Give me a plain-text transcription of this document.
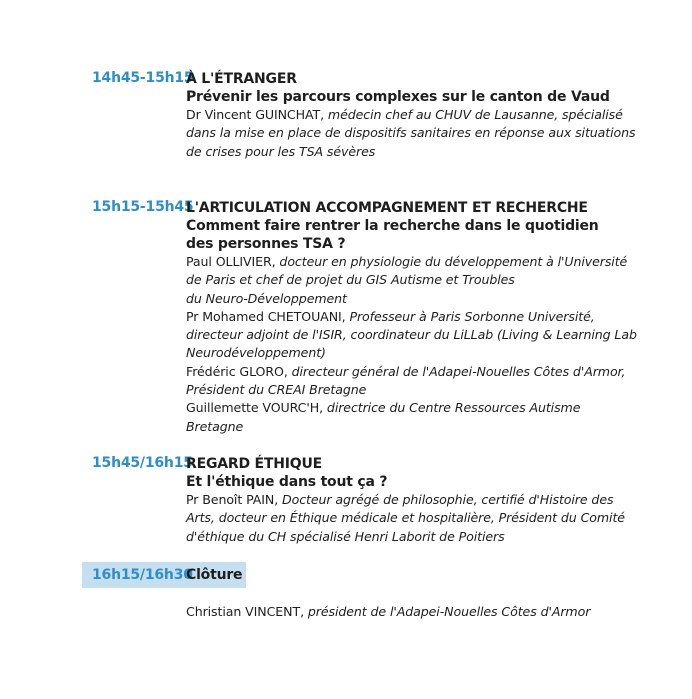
14h45-15h15
À L'ÉTRANGER
Prévenir les parcours complexes sur le canton de Vaud
Dr Vincent GUINCHAT, médecin chef au CHUV de Lausanne, spécialisé
dans la mise en place de dispositifs sanitaires en réponse aux situations
de crises pour les TSA sévères
15h15-15h45
L'ARTICULATION ACCOMPAGNEMENT ET RECHERCHE
Comment faire rentrer la recherche dans le quotidien
des personnes TSA ?
Paul OLLIVIER, docteur en physiologie du développement à l'Université
de Paris et chef de projet du GIS Autisme et Troubles
du Neuro-Développement
Pr Mohamed CHETOUANI, Professeur à Paris Sorbonne Université,
directeur adjoint de l'ISIR, coordinateur du LiLLab (Living & Learning Lab
Neurodéveloppement)
Frédéric GLORO, directeur général de l'Adapei-Nouelles Côtes d'Armor,
Président du CREAI Bretagne
Guillemette VOURC'H, directrice du Centre Ressources Autisme
Bretagne
15h45/16h15
REGARD ÉTHIQUE
Et l'éthique dans tout ça ?
Pr Benoît PAIN, Docteur agrégé de philosophie, certifié d'Histoire des
Arts, docteur en Éthique médicale et hospitalière, Président du Comité
d'éthique du CH spécialisé Henri Laborit de Poitiers
16h15/16h30
Clôture
Christian VINCENT, président de l'Adapei-Nouelles Côtes d'Armor
